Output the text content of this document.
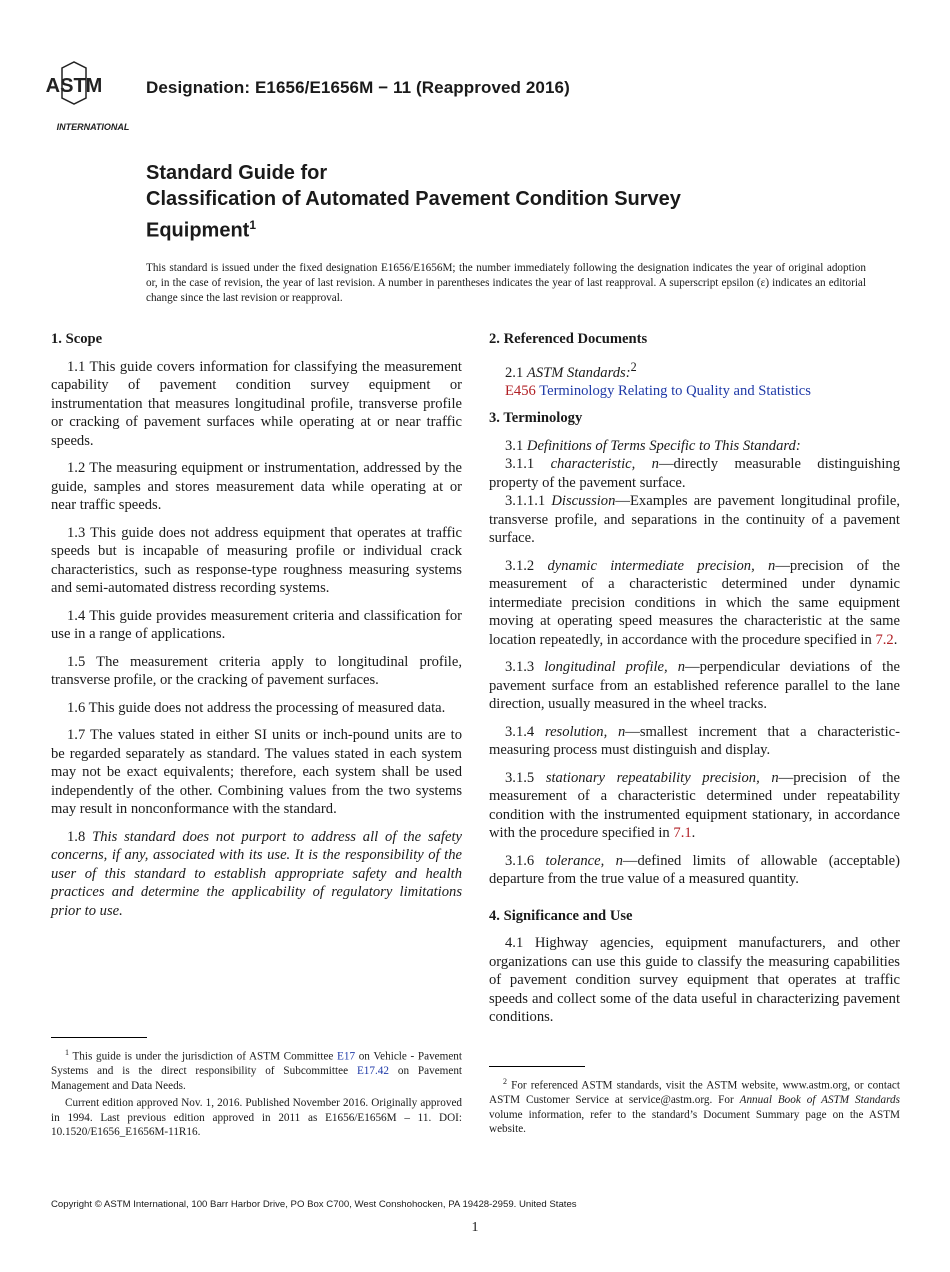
ASTM
INTERNATIONAL
Designation: E1656/E1656M − 11 (Reapproved 2016)

Standard Guide for

Classification of Automated Pavement Condition Survey

Equipment$^1$

This standard is issued under the fixed designation E1656/E1656M; the number immediately following the designation indicates the year of original adoption or, in the case of revision, the year of last revision. A number in parentheses indicates the year of last reapproval. A superscript epsilon (ε) indicates an editorial change since the last revision or reapproval.
1. Scope

1.1 This guide covers information for classifying the measurement capability of pavement condition survey equipment or instrumentation that measures longitudinal profile, transverse profile or cracking of pavement surfaces while operating at or near traffic speeds.

1.2 The measuring equipment or instrumentation, addressed by the guide, samples and stores measurement data while operating at or near traffic speeds.

1.3 This guide does not address equipment that operates at traffic speeds but is incapable of measuring profile or individual crack characteristics, such as response-type roughness measuring systems and semi-automated distress recording systems.

1.4 This guide provides measurement criteria and classification for use in a range of applications.

1.5 The measurement criteria apply to longitudinal profile, transverse profile, or the cracking of pavement surfaces.

1.6 This guide does not address the processing of measured data.

1.7 The values stated in either SI units or inch-pound units are to be regarded separately as standard. The values stated in each system may not be exact equivalents; therefore, each system shall be used independently of the other. Combining values from the two systems may result in nonconformance with the standard.

1.8 This standard does not purport to address all of the safety concerns, if any, associated with its use. It is the responsibility of the user of this standard to establish appropriate safety and health practices and determine the applicability of regulatory limitations prior to use.

2. Referenced Documents

2.1 ASTM Standards:$^2$

E456 Terminology Relating to Quality and Statistics

3. Terminology

3.1 Definitions of Terms Specific to This Standard:

3.1.1 characteristic, n—directly measurable distinguishing property of the pavement surface.

3.1.1.1 Discussion—Examples are pavement longitudinal profile, transverse profile, and separations in the continuity of a pavement surface.

3.1.2 dynamic intermediate precision, n—precision of the measurement of a characteristic determined under dynamic intermediate precision conditions in which the same equipment moving at operating speed measures the characteristic at the same location repeatedly, in accordance with the procedure specified in 7.2.

3.1.3 longitudinal profile, n—perpendicular deviations of the pavement surface from an established reference parallel to the lane direction, usually measured in the wheel tracks.

3.1.4 resolution, n—smallest increment that a characteristic-measuring process must distinguish and display.

3.1.5 stationary repeatability precision, n—precision of the measurement of a characteristic determined under repeatability condition with the instrumented equipment stationary, in accordance with the procedure specified in 7.1.

3.1.6 tolerance, n—defined limits of allowable (acceptable) departure from the true value of a measured quantity.

4. Significance and Use

4.1 Highway agencies, equipment manufacturers, and other organizations can use this guide to classify the measuring capabilities of pavement condition survey equipment that operates at traffic speeds and collect some of the data useful in characterizing pavement conditions.

$^1$ This guide is under the jurisdiction of ASTM Committee E17 on Vehicle - Pavement Systems and is the direct responsibility of Subcommittee E17.42 on Pavement Management and Data Needs.

Current edition approved Nov. 1, 2016. Published November 2016. Originally approved in 1994. Last previous edition approved in 2011 as E1656/E1656M – 11. DOI: 10.1520/E1656_E1656M-11R16.

$^2$ For referenced ASTM standards, visit the ASTM website, www.astm.org, or contact ASTM Customer Service at service@astm.org. For Annual Book of ASTM Standards volume information, refer to the standard’s Document Summary page on the ASTM website.

Copyright © ASTM International, 100 Barr Harbor Drive, PO Box C700, West Conshohocken, PA 19428-2959. United States
1
